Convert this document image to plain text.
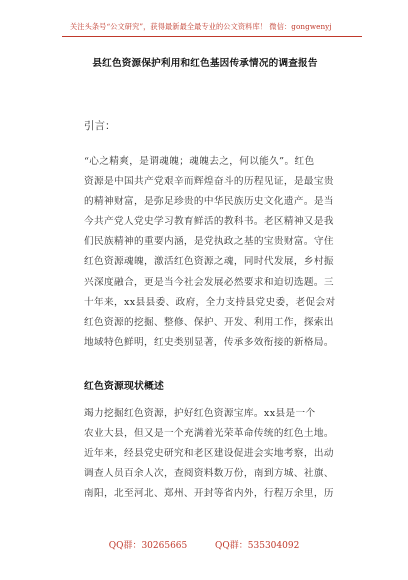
关注头条号“公文研究”，获得最新最全最专业的公文资料库！ 微信：gongwenyj
县红色资源保护利用和红色基因传承情况的调查报告
引言：
“心之精爽，是谓魂魄；魂魄去之，何以能久”。红色
资源是中国共产党艰辛而辉煌奋斗的历程见证，是最宝贵
的精神财富，是弥足珍贵的中华民族历史文化遗产。是当
今共产党人党史学习教育鲜活的教科书。老区精神又是我
们民族精神的重要内涵，是党执政之基的宝贵财富。守住
红色资源魂魄，激活红色资源之魂，同时代发展，乡村振
兴深度融合，更是当今社会发展必然要求和迫切选题。三
十年来，xx县县委、政府，全力支持县党史委，老促会对
红色资源的挖掘、整修、保护、开发、利用工作，探索出
地域特色鲜明，红史类别显著，传承多效衔接的新格局。
红色资源现状概述
竭力挖掘红色资源，护好红色资源宝库。xx县是一个
农业大县，但又是一个充满着光荣革命传统的红色土地。
近年来，经县党史研究和老区建设促进会实地考察，出动
调查人员百余人次，查阅资料数万份，南到方城、社旗、
南阳，北至河北、郑州、开封等省内外，行程万余里，历
QQ群：30265665	QQ群：535304092
